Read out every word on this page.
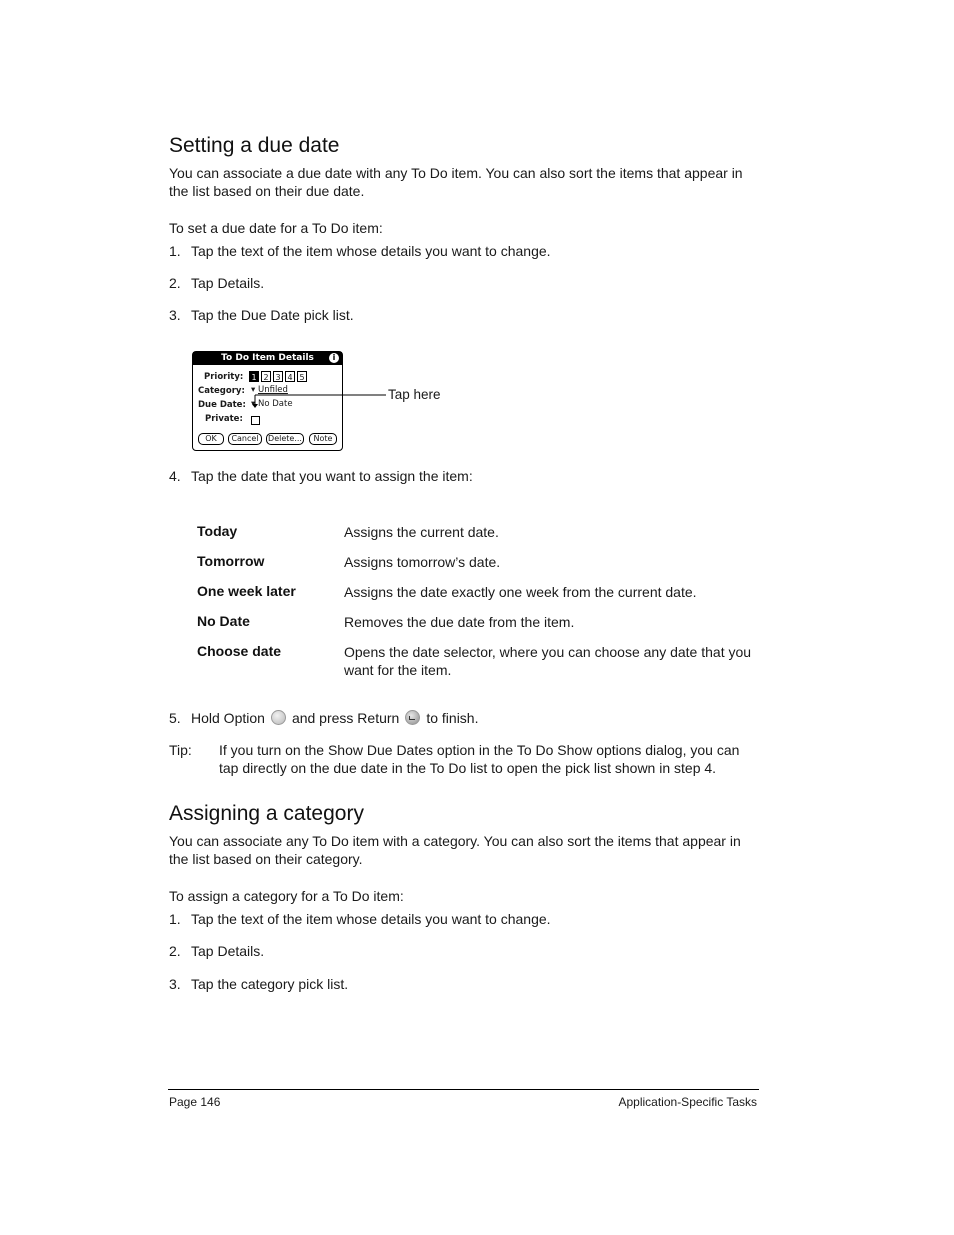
Setting a due date
You can associate a due date with any To Do item. You can also sort the items that appear in the list based on their due date.
To set a due date for a To Do item:
1. Tap the text of the item whose details you want to change.
2. Tap Details.
3. Tap the Due Date pick list.
To Do Item Details	i
Priority:	1 2 3 4 5
Category: ▾ Unfiled
Due Date:	No Date
Private:
OK	Cancel	Delete...	Note
Tap here
4. Tap the date that you want to assign the item:
Today	Assigns the current date.
Tomorrow	Assigns tomorrow’s date.
One week later	Assigns the date exactly one week from the current date.
No Date	Removes the due date from the item.
Choose date	Opens the date selector, where you can choose any date that you want for the item.
5. Hold Option and press Return to finish.
Tip: If you turn on the Show Due Dates option in the To Do Show options dialog, you can tap directly on the due date in the To Do list to open the pick list shown in step 4.
Assigning a category
You can associate any To Do item with a category. You can also sort the items that appear in the list based on their category.
To assign a category for a To Do item:
1. Tap the text of the item whose details you want to change.
2. Tap Details.
3. Tap the category pick list.
Page 146	Application-Specific Tasks
